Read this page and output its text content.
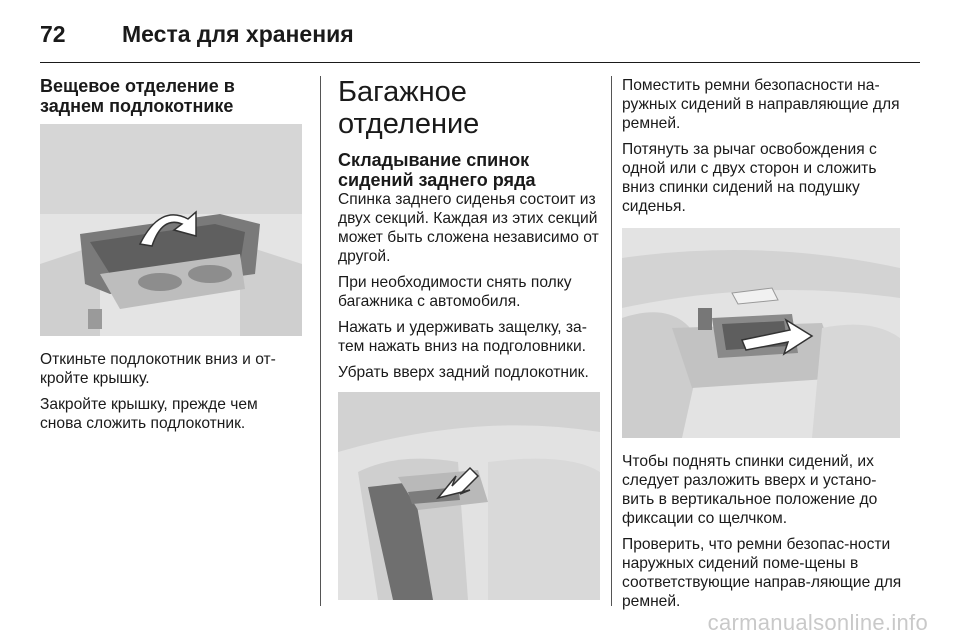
72	Места для хранения
Вещевое отделение в заднем подлокотнике

Откиньте подлокотник вниз и от-кройте крышку.

Закройте крышку, прежде чем снова сложить подлокотник.

Багажное отделение
Складывание спинок сидений заднего ряда

Спинка заднего сиденья состоит из двух секций. Каждая из этих секций может быть сложена независимо от другой.

При необходимости снять полку багажника с автомобиля.

Нажать и удерживать защелку, за-тем нажать вниз на подголовники.

Убрать вверх задний подлокотник.

Поместить ремни безопасности на-ружных сидений в направляющие для ремней.

Потянуть за рычаг освобождения с одной или с двух сторон и сложить вниз спинки сидений на подушку сиденья.

Чтобы поднять спинки сидений, их следует разложить вверх и устано-вить в вертикальное положение до фиксации со щелчком.

Проверить, что ремни безопас-ности наружных сидений поме-щены в соответствующие направ-ляющие для ремней.

carmanualsonline.info
